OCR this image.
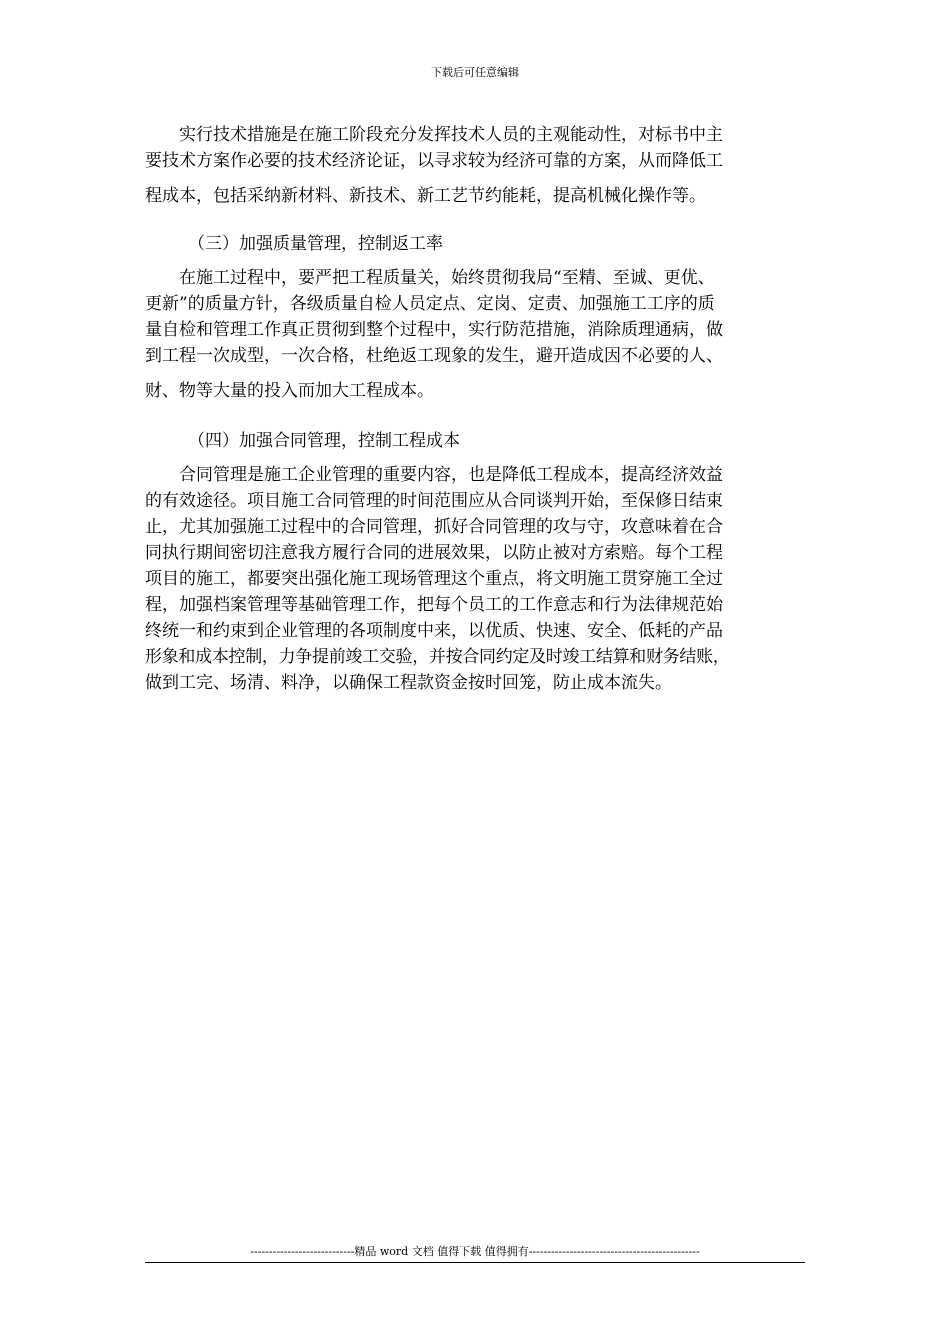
下载后可任意编辑
实行技术措施是在施工阶段充分发挥技术人员的主观能动性，对标书中主
要技术方案作必要的技术经济论证，以寻求较为经济可靠的方案，从而降低工
程成本，包括采纳新材料、新技术、新工艺节约能耗，提高机械化操作等。
（三）加强质量管理，控制返工率
在施工过程中，要严把工程质量关，始终贯彻我局“至精、至诚、更优、
更新”的质量方针，各级质量自检人员定点、定岗、定责、加强施工工序的质
量自检和管理工作真正贯彻到整个过程中，实行防范措施，消除质理通病，做
到工程一次成型，一次合格，杜绝返工现象的发生，避开造成因不必要的人、
财、物等大量的投入而加大工程成本。
（四）加强合同管理，控制工程成本
合同管理是施工企业管理的重要内容，也是降低工程成本，提高经济效益
的有效途径。项目施工合同管理的时间范围应从合同谈判开始，至保修日结束
止，尤其加强施工过程中的合同管理，抓好合同管理的攻与守，攻意味着在合
同执行期间密切注意我方履行合同的进展效果，以防止被对方索赔。每个工程
项目的施工，都要突出强化施工现场管理这个重点，将文明施工贯穿施工全过
程，加强档案管理等基础管理工作，把每个员工的工作意志和行为法律规范始
终统一和约束到企业管理的各项制度中来，以优质、快速、安全、低耗的产品
形象和成本控制，力争提前竣工交验，并按合同约定及时竣工结算和财务结账，
做到工完、场清、料净，以确保工程款资金按时回笼，防止成本流失。
----------------------------精品 word 文档 值得下载 值得拥有----------------------------------------------
